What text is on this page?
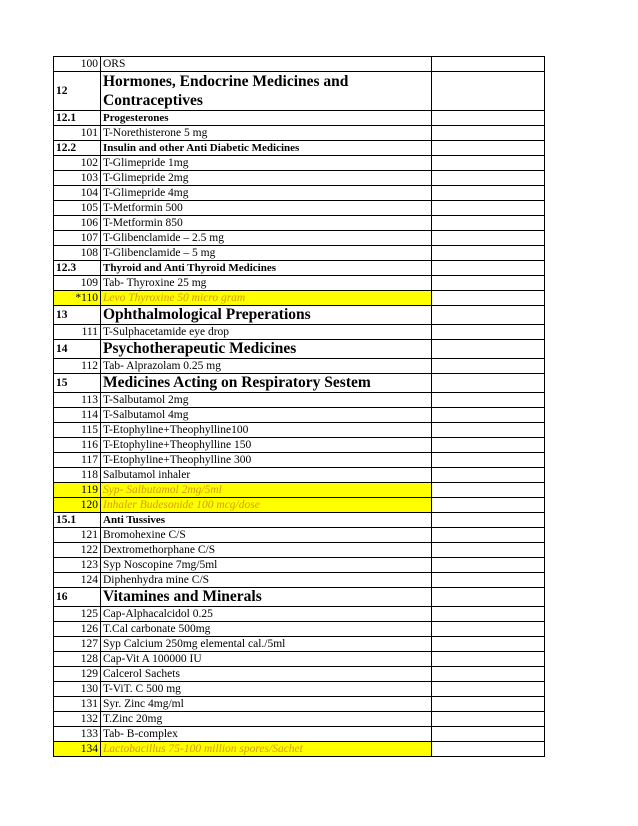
100	ORS	
12	Hormones, Endocrine Medicines and Contraceptives	
12.1	Progesterones	
101	T-Norethisterone 5 mg	
12.2	Insulin and other Anti Diabetic Medicines	
102	T-Glimepride 1mg	
103	T-Glimepride 2mg	
104	T-Glimepride 4mg	
105	T-Metformin 500	
106	T-Metformin 850	
107	T-Glibenclamide – 2.5 mg	
108	T-Glibenclamide – 5 mg	
12.3	Thyroid and Anti Thyroid Medicines	
109	Tab- Thyroxine 25 mg	
*110	Levo Thyroxine 50 micro gram	
13	Ophthalmological Preperations	
111	T-Sulphacetamide eye drop	
14	Psychotherapeutic Medicines	
112	Tab- Alprazolam 0.25 mg	
15	Medicines Acting on Respiratory Sestem	
113	T-Salbutamol 2mg	
114	T-Salbutamol 4mg	
115	T-Etophyline+Theophylline100	
116	T-Etophyline+Theophylline 150	
117	T-Etophyline+Theophylline 300	
118	Salbutamol inhaler	
119	Syp- Salbutamol 2mg/5ml	
120	Inhaler Budesonide 100 mcg/dose	
15.1	Anti Tussives	
121	Bromohexine C/S	
122	Dextromethorphane C/S	
123	Syp Noscopine 7mg/5ml	
124	Diphenhydra mine C/S	
16	Vitamines and Minerals	
125	Cap-Alphacalcidol 0.25	
126	T.Cal carbonate 500mg	
127	Syp Calcium 250mg elemental cal./5ml	
128	Cap-Vit A 100000 IU	
129	Calcerol Sachets	
130	T-ViT. C 500 mg	
131	Syr. Zinc 4mg/ml	
132	T.Zinc 20mg	
133	Tab- B-complex	
134	Lactobacillus 75-100 million spores/Sachet	
